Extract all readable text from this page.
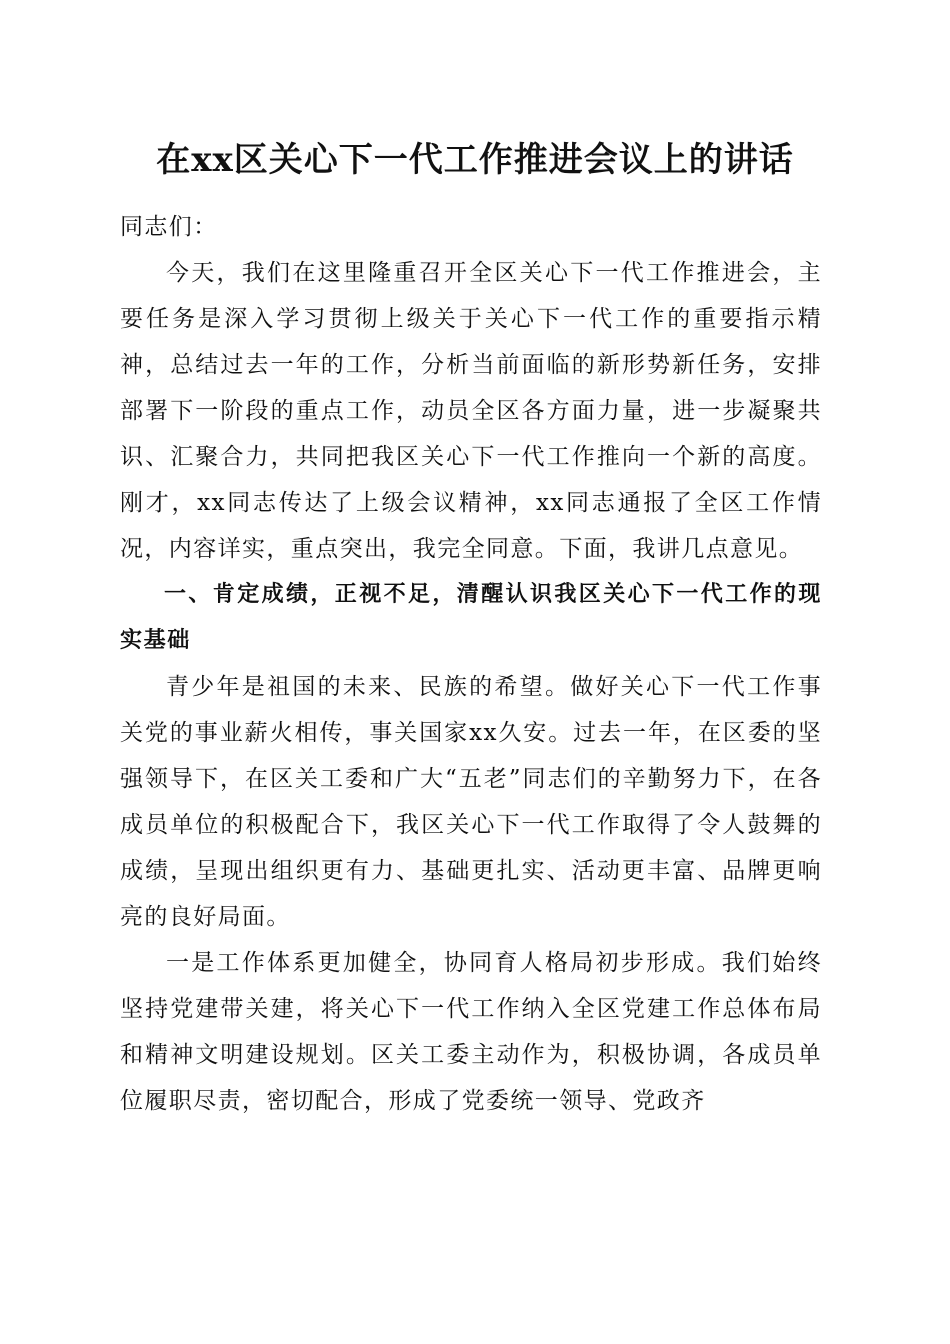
在xx区关心下一代工作推进会议上的讲话

同志们：

今天，我们在这里隆重召开全区关心下一代工作推进会，主要任务是深入学习贯彻上级关于关心下一代工作的重要指示精神，总结过去一年的工作，分析当前面临的新形势新任务，安排部署下一阶段的重点工作，动员全区各方面力量，进一步凝聚共识、汇聚合力，共同把我区关心下一代工作推向一个新的高度。刚才，xx同志传达了上级会议精神，xx同志通报了全区工作情况，内容详实，重点突出，我完全同意。下面，我讲几点意见。

一、肯定成绩，正视不足，清醒认识我区关心下一代工作的现实基础

青少年是祖国的未来、民族的希望。做好关心下一代工作事关党的事业薪火相传，事关国家xx久安。过去一年，在区委的坚强领导下，在区关工委和广大“五老”同志们的辛勤努力下，在各成员单位的积极配合下，我区关心下一代工作取得了令人鼓舞的成绩，呈现出组织更有力、基础更扎实、活动更丰富、品牌更响亮的良好局面。

一是工作体系更加健全，协同育人格局初步形成。我们始终坚持党建带关建，将关心下一代工作纳入全区党建工作总体布局和精神文明建设规划。区关工委主动作为，积极协调，各成员单位履职尽责，密切配合，形成了党委统一领导、党政齐
